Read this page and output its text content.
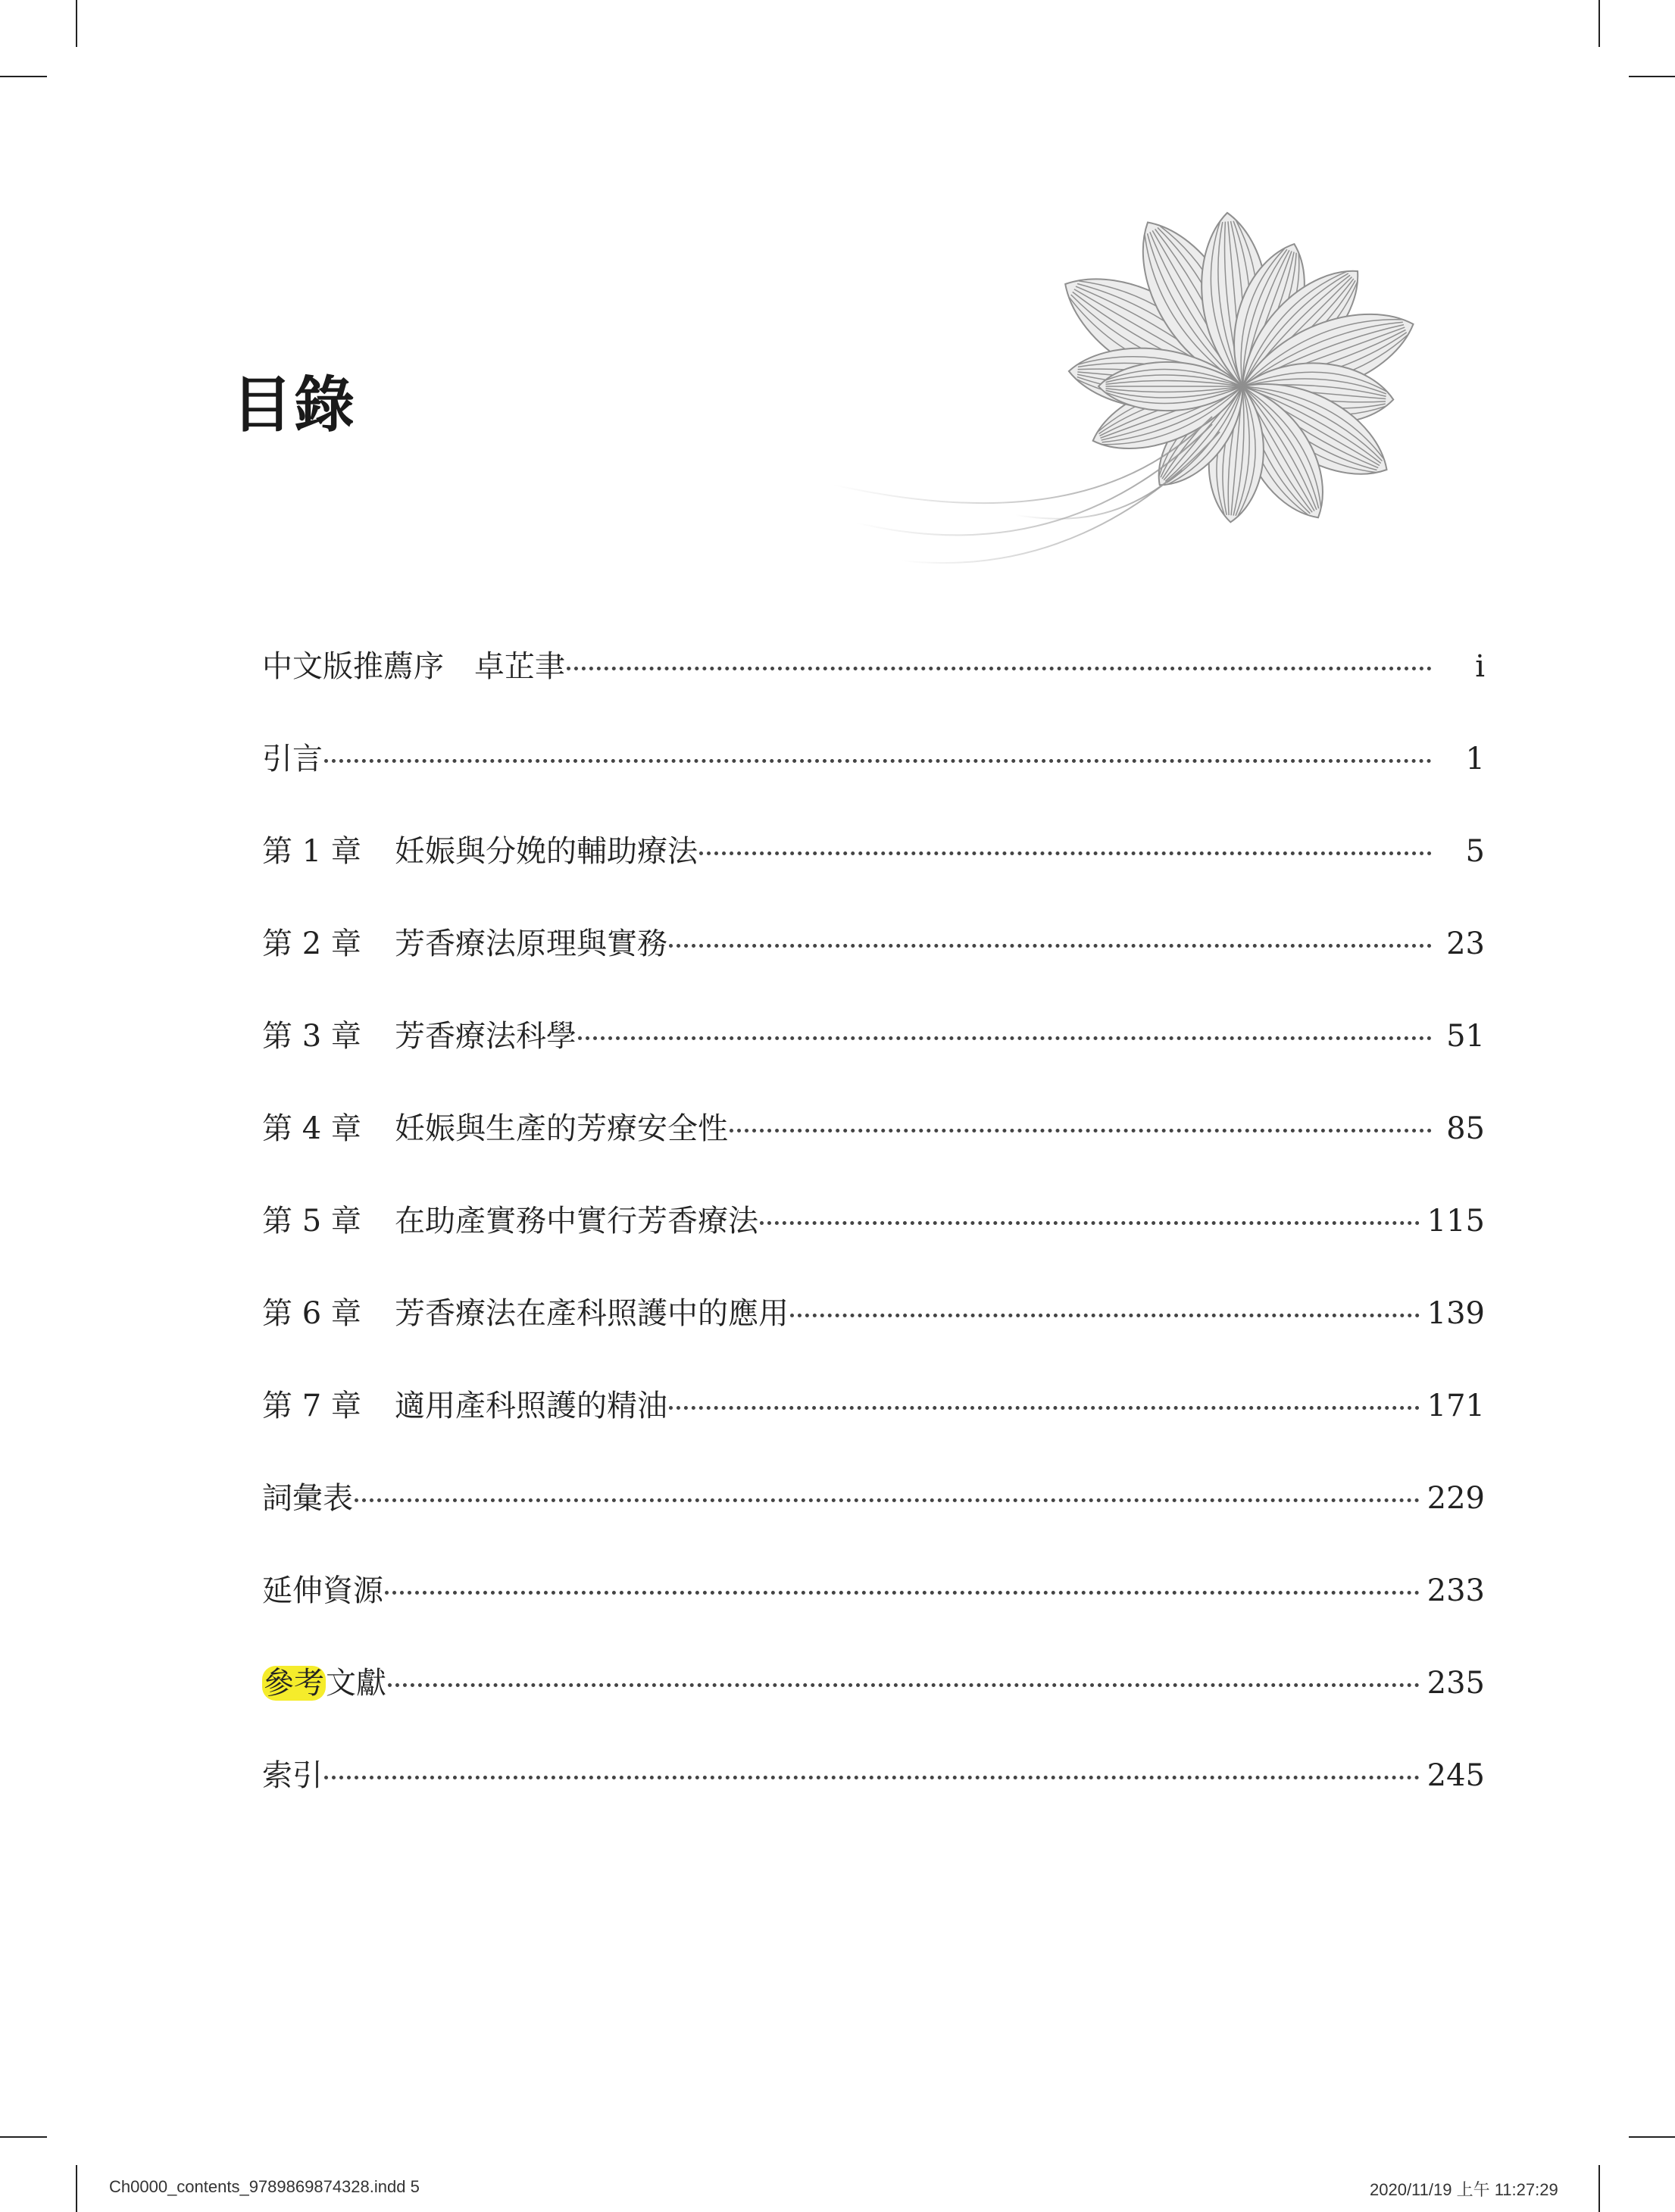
目錄
中文版推薦序　卓芷聿	i
引言	1
第 1 章	妊娠與分娩的輔助療法	5
第 2 章	芳香療法原理與實務	23
第 3 章	芳香療法科學	51
第 4 章	妊娠與生產的芳療安全性	85
第 5 章	在助產實務中實行芳香療法	115
第 6 章	芳香療法在產科照護中的應用	139
第 7 章	適用產科照護的精油	171
詞彙表	229
延伸資源	233
參考文獻	235
索引	245
Ch0000_contents_9789869874328.indd 5	2020/11/19 上午 11:27:29
